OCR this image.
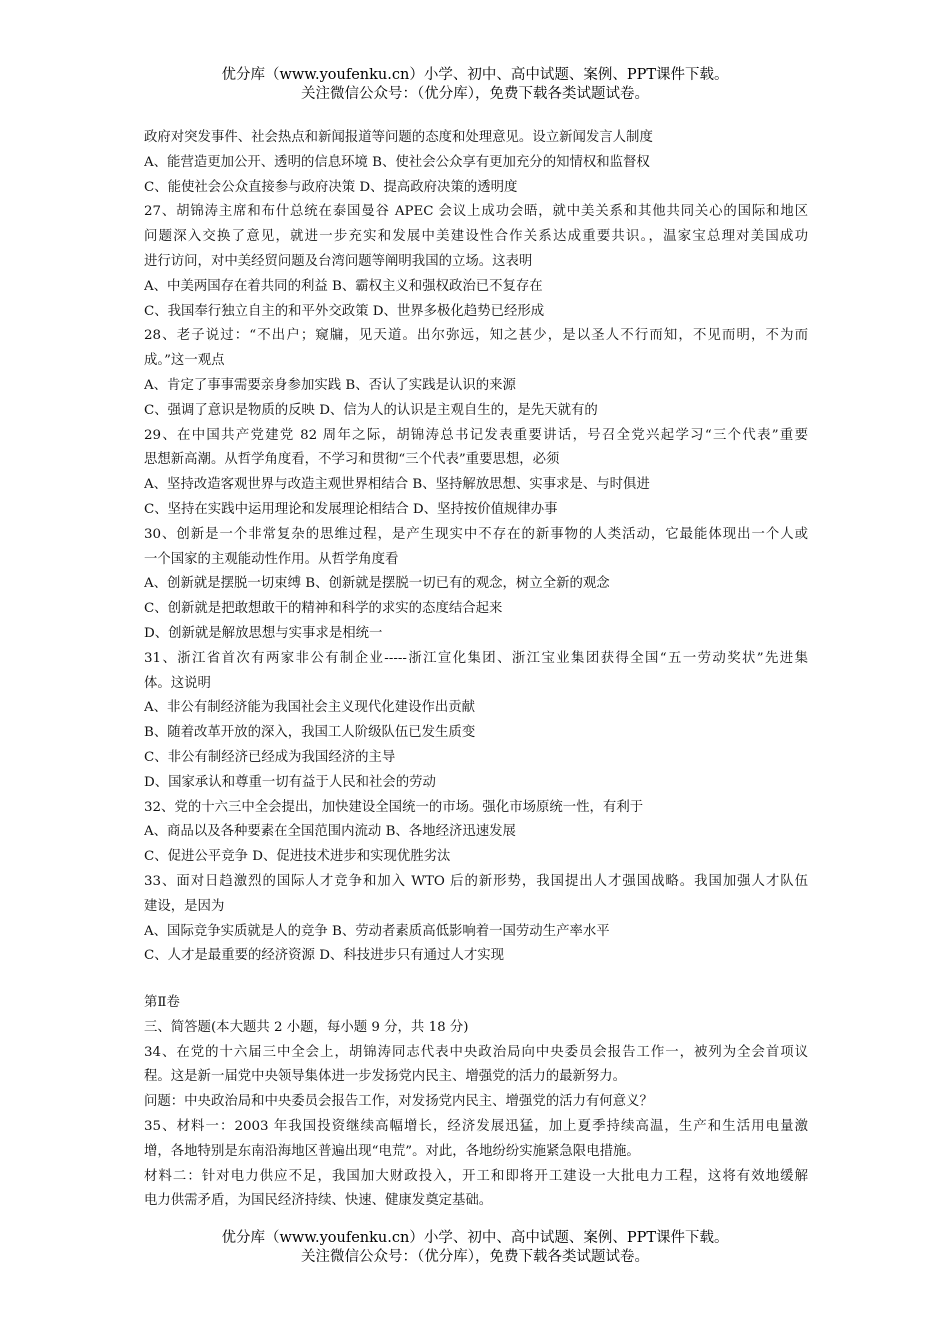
优分库（www.youfenku.cn）小学、初中、高中试题、案例、PPT课件下载。
关注微信公众号：（优分库），免费下载各类试题试卷。
政府对突发事件、社会热点和新闻报道等问题的态度和处理意见。设立新闻发言人制度
A、能营造更加公开、透明的信息环境 B、使社会公众享有更加充分的知情权和监督权
C、能使社会公众直接参与政府决策 D、提高政府决策的透明度
27、胡锦涛主席和布什总统在泰国曼谷 APEC 会议上成功会晤，就中美关系和其他共同关心的国际和地区
问题深入交换了意见，就进一步充实和发展中美建设性合作关系达成重要共识。，温家宝总理对美国成功
进行访问，对中美经贸问题及台湾问题等阐明我国的立场。这表明
A、中美两国存在着共同的利益 B、霸权主义和强权政治已不复存在
C、我国奉行独立自主的和平外交政策 D、世界多极化趋势已经形成
28、老子说过：“不出户；窥牖，见天道。出尔弥远，知之甚少，是以圣人不行而知，不见而明，不为而
成。”这一观点
A、肯定了事事需要亲身参加实践 B、否认了实践是认识的来源
C、强调了意识是物质的反映 D、信为人的认识是主观自生的，是先天就有的
29、在中国共产党建党 82 周年之际，胡锦涛总书记发表重要讲话，号召全党兴起学习“三个代表”重要
思想新高潮。从哲学角度看，不学习和贯彻“三个代表”重要思想，必须
A、坚持改造客观世界与改造主观世界相结合 B、坚持解放思想、实事求是、与时俱进
C、坚持在实践中运用理论和发展理论相结合 D、坚持按价值规律办事
30、创新是一个非常复杂的思维过程，是产生现实中不存在的新事物的人类活动，它最能体现出一个人或
一个国家的主观能动性作用。从哲学角度看
A、创新就是摆脱一切束缚 B、创新就是摆脱一切已有的观念，树立全新的观念
C、创新就是把敢想敢干的精神和科学的求实的态度结合起来
D、创新就是解放思想与实事求是相统一
31、浙江省首次有两家非公有制企业-----浙江宣化集团、浙江宝业集团获得全国“五一劳动奖状”先进集
体。这说明
A、非公有制经济能为我国社会主义现代化建设作出贡献
B、随着改革开放的深入，我国工人阶级队伍已发生质变
C、非公有制经济已经成为我国经济的主导
D、国家承认和尊重一切有益于人民和社会的劳动
32、党的十六三中全会提出，加快建设全国统一的市场。强化市场原统一性，有利于
A、商品以及各种要素在全国范围内流动 B、各地经济迅速发展
C、促进公平竞争 D、促进技术进步和实现优胜劣汰
33、面对日趋激烈的国际人才竞争和加入 WTO 后的新形势，我国提出人才强国战略。我国加强人才队伍
建设，是因为
A、国际竞争实质就是人的竞争 B、劳动者素质高低影响着一国劳动生产率水平
C、人才是最重要的经济资源 D、科技进步只有通过人才实现
第Ⅱ卷
三、简答题(本大题共 2 小题，每小题 9 分，共 18 分)
34、在党的十六届三中全会上，胡锦涛同志代表中央政治局向中央委员会报告工作一，被列为全会首项议
程。这是新一届党中央领导集体进一步发扬党内民主、增强党的活力的最新努力。
问题：中央政治局和中央委员会报告工作，对发扬党内民主、增强党的活力有何意义？
35、材料一：2003 年我国投资继续高幅增长，经济发展迅猛，加上夏季持续高温，生产和生活用电量激
增，各地特别是东南沿海地区普遍出现“电荒”。对此，各地纷纷实施紧急限电措施。
材料二：针对电力供应不足，我国加大财政投入，开工和即将开工建设一大批电力工程，这将有效地缓解
电力供需矛盾，为国民经济持续、快速、健康发奠定基础。
优分库（www.youfenku.cn）小学、初中、高中试题、案例、PPT课件下载。
关注微信公众号：（优分库），免费下载各类试题试卷。
